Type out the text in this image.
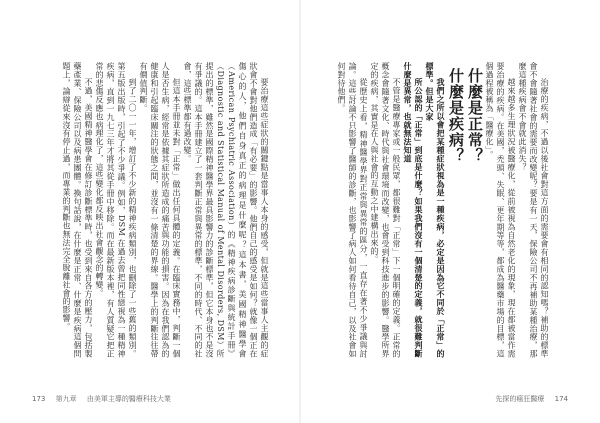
要治療這些症狀的關鍵點是當事人本身的感受，但就是這些當事人主觀的症狀會不會對他們造成「有必要」的影響。他們自己的感受是如何？就像一個正在傷心的人，他們自身真正的病理是什麼呢？這本書，美國精神醫學會（American Psychiatric Association）的《精神疾病診斷與統計手冊》（Diagnostic and Statistical Manual of Mental Disorders, DSM）所提出的標準，雖然是國際精神醫學界最具影響力的診斷標準，但它本身也不是沒有爭議的。這本手冊建立了一套判斷正常與異常的標準，不同的時代、不同的社會，這些標準都有過改變。

但這本手冊並未對「正常」做出任何具體的定義。在臨床實務中，判斷一個人是否生病，經常是依據其症狀所造成的痛苦與功能的損害。因為在我們認為的健康和引起臨床關注的狀態之間，並沒有一條清楚的界線。醫學上的判斷往往帶有價值判斷。

到了二〇一一年，增訂了不少新的精神疾病類別，也刪除了一些舊的類別。第五版出版時，引起了不少爭議。例如，DSM 在過去曾把同性戀視為一種精神疾病，直到一九七三年才將其從手冊中移除。而在最新版本裡，有人質疑它把正常的悲傷反應也病理化了，這些變化都反映出社會觀念的轉變。

不過，美國精神醫學會在修訂診斷標準時，也受到來自各方的壓力，包括製藥產業、保險公司以及病患團體。換句話說，在什麼是正常、什麼是疾病這個問題上，論辯從來沒有停止過，而專業的判斷也無法完全脫離社會的影響。

173 第九章 由美軍主導的醫療科技大業

治療的疾病，不過以後社會對這方面的需要會有相同的認知嗎？補助的標準會不會隨著社會的需要而改變呢？要是有一天，保險公司不再補助某種治療，那麼這種疾病會不會就此消失？

越來越多生理狀況被醫療化，從前被視為自然老化的現象，現在都被當作需要治療的疾病。在美國，禿頭、失眠、更年期等等，都成為醫藥市場的目標，這個過程被稱為「醫療化」。

什麼是正常？
什麼是疾病？

我們之所以會把某種症狀視為是一種疾病，必定是因為它不同於「正常」的標準。但是大家

所公認的「正常」到底是什麼？如果我們沒有一個清楚的定義，就很難判斷什麼是異常，也就無法知道

不管是醫療專家或一般民眾，都很難對「正常」下一個明確的定義。正常的概念會隨著文化、時代與社會環境而改變，也會受到科技進步的影響。醫學所界定的疾病，其實是在人與社會的互動之中建構出來的。

從歷史上看，精神醫學界對正常與異常的區分，一直存在著不少爭議與討論。這些討論不只影響了醫師的診斷，也影響了病人如何看待自己，以及社會如何對待他們。

先探的瘋狂醫療 174
